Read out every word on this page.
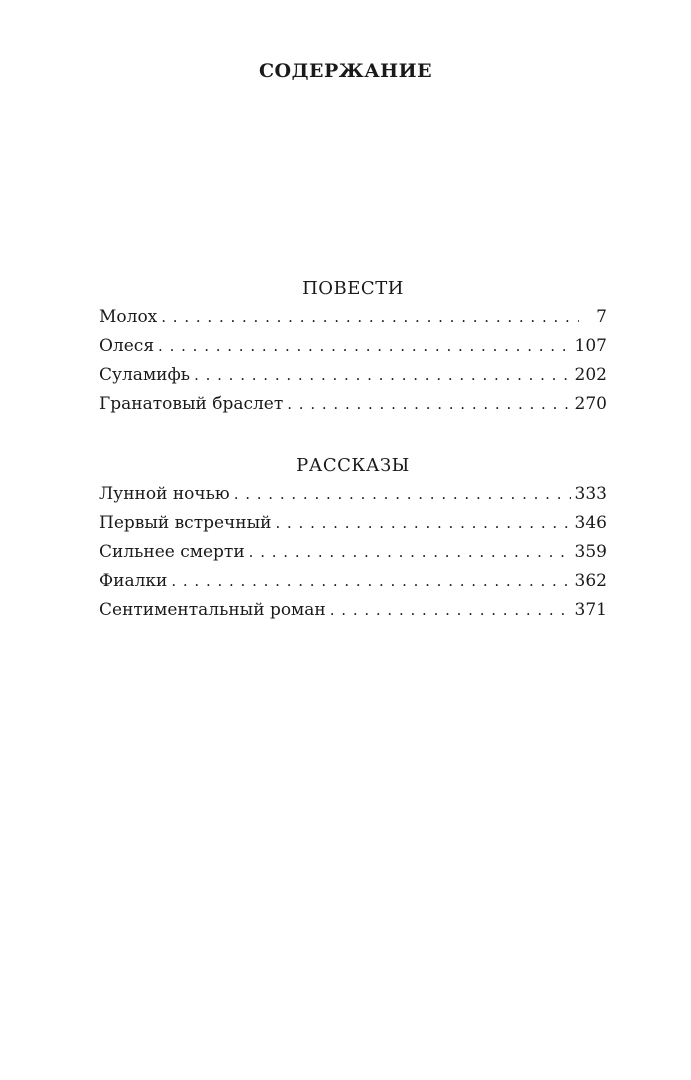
СОДЕРЖАНИЕ
ПОВЕСТИ
Молох . . .	7
Олеся . . .	107
Суламифь . . .	202
Гранатовый браслет . . .	270
РАССКАЗЫ
Лунной ночью . . .	333
Первый встречный . . .	346
Сильнее смерти . . .	359
Фиалки . . .	362
Сентиментальный роман . . .	371
